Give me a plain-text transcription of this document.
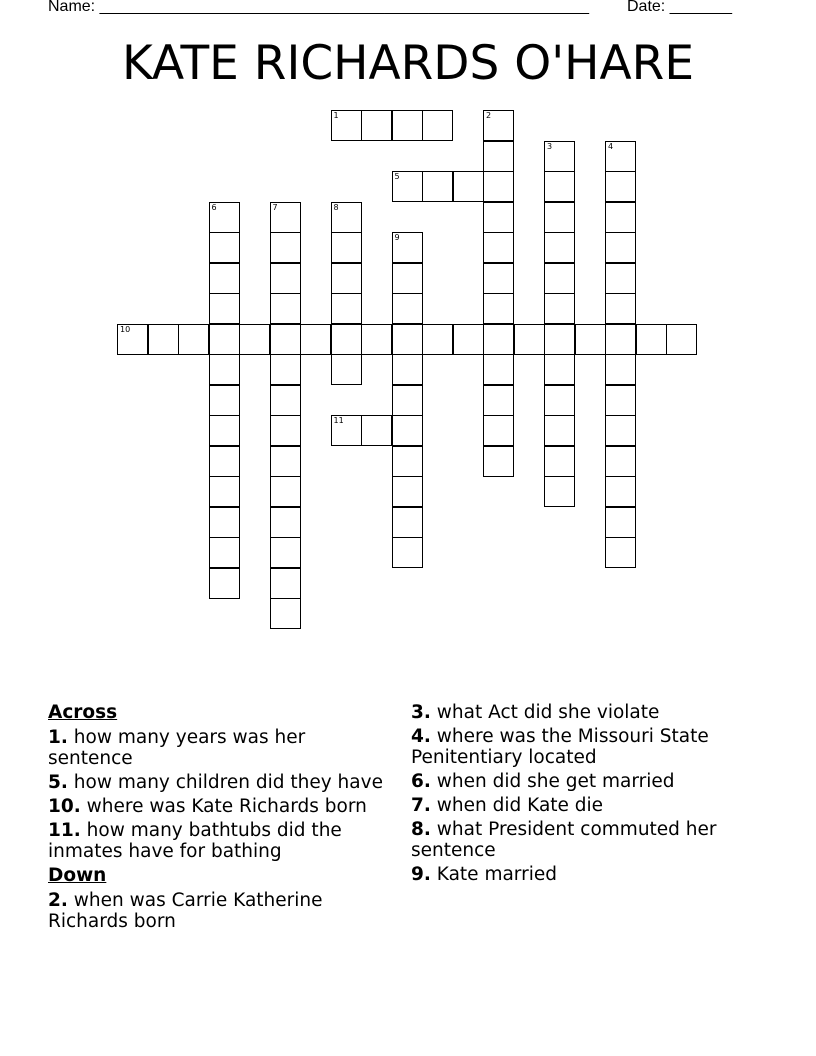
Name: _______________________________________________________ Date: _______
KATE RICHARDS O'HARE
1	2
3	4
5
6	7	8
9
10
11
Across
1. how many years was her sentence
5. how many children did they have
10. where was Kate Richards born
11. how many bathtubs did the inmates have for bathing
Down
2. when was Carrie Katherine Richards born
3. what Act did she violate
4. where was the Missouri State Penitentiary located
6. when did she get married
7. when did Kate die
8. what President commuted her sentence
9. Kate married
